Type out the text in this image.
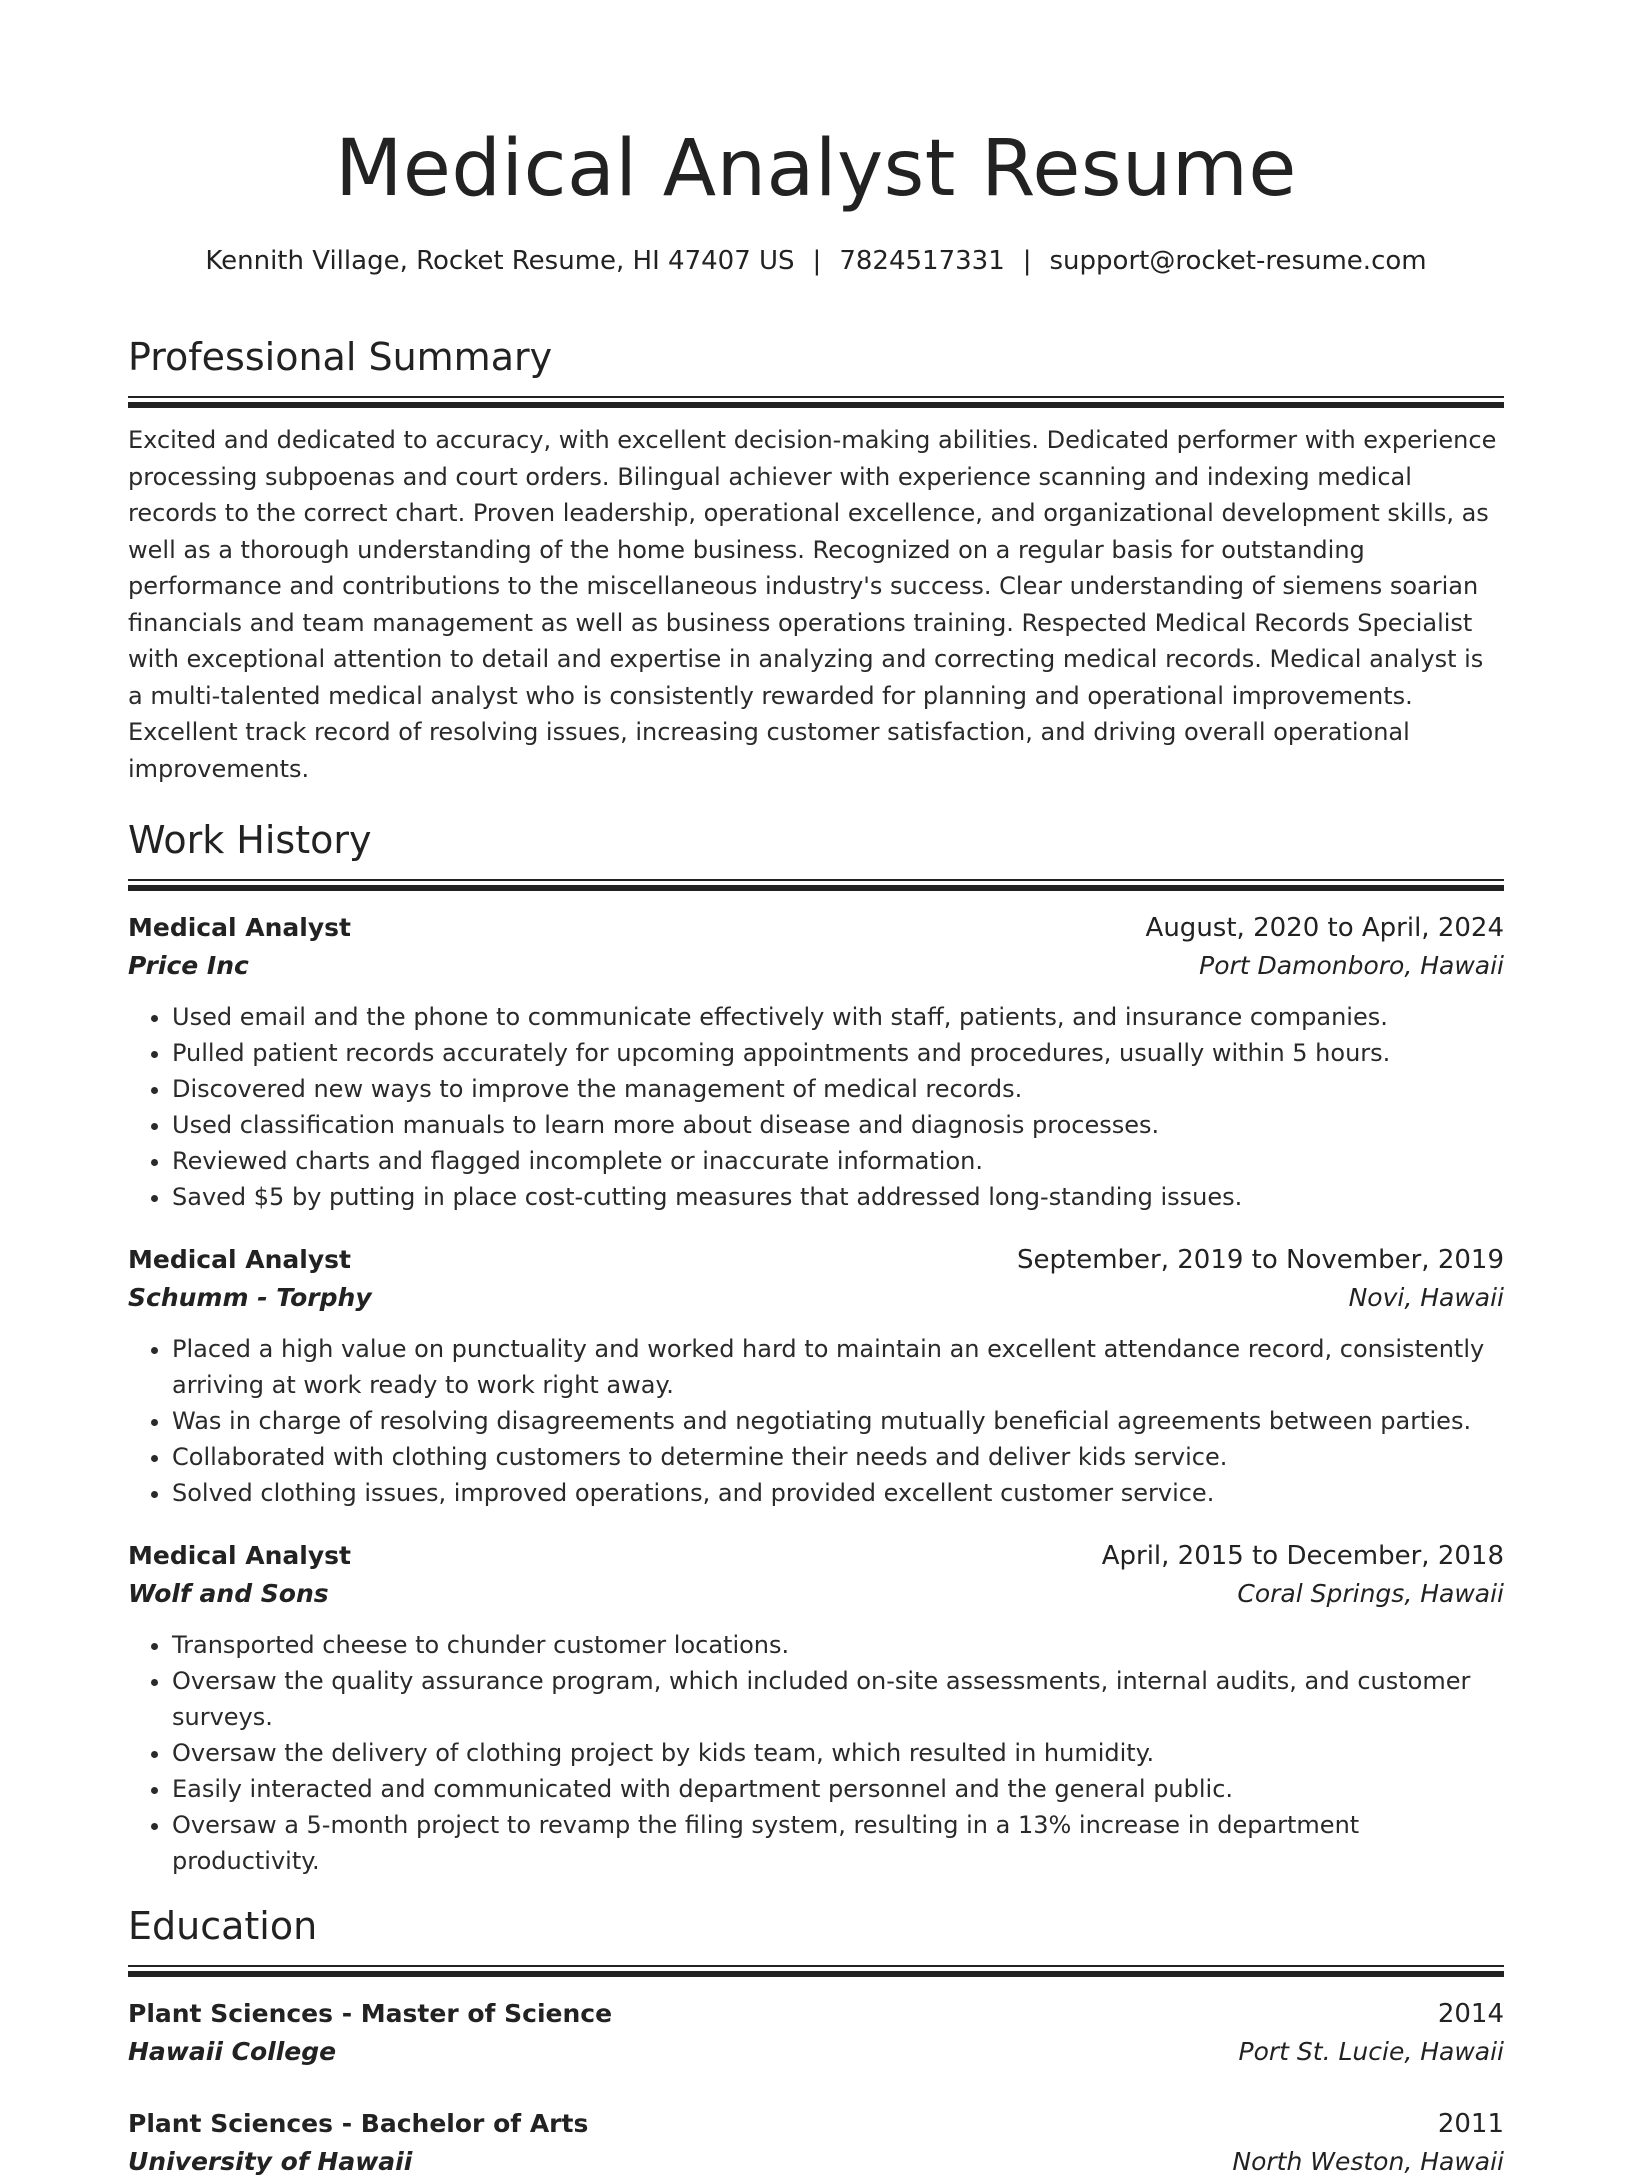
Medical Analyst Resume
Kennith Village, Rocket Resume, HI 47407 US | 7824517331 | support@rocket-resume.com
Professional Summary
Excited and dedicated to accuracy, with excellent decision-making abilities. Dedicated performer with experience processing subpoenas and court orders. Bilingual achiever with experience scanning and indexing medical records to the correct chart. Proven leadership, operational excellence, and organizational development skills, as well as a thorough understanding of the home business. Recognized on a regular basis for outstanding performance and contributions to the miscellaneous industry's success. Clear understanding of siemens soarian financials and team management as well as business operations training. Respected Medical Records Specialist with exceptional attention to detail and expertise in analyzing and correcting medical records. Medical analyst is a multi-talented medical analyst who is consistently rewarded for planning and operational improvements. Excellent track record of resolving issues, increasing customer satisfaction, and driving overall operational improvements.
Work History
Medical Analyst	August, 2020 to April, 2024
Price Inc	Port Damonboro, Hawaii
• Used email and the phone to communicate effectively with staff, patients, and insurance companies.
• Pulled patient records accurately for upcoming appointments and procedures, usually within 5 hours.
• Discovered new ways to improve the management of medical records.
• Used classification manuals to learn more about disease and diagnosis processes.
• Reviewed charts and flagged incomplete or inaccurate information.
• Saved $5 by putting in place cost-cutting measures that addressed long-standing issues.
Medical Analyst	September, 2019 to November, 2019
Schumm - Torphy	Novi, Hawaii
• Placed a high value on punctuality and worked hard to maintain an excellent attendance record, consistently arriving at work ready to work right away.
• Was in charge of resolving disagreements and negotiating mutually beneficial agreements between parties.
• Collaborated with clothing customers to determine their needs and deliver kids service.
• Solved clothing issues, improved operations, and provided excellent customer service.
Medical Analyst	April, 2015 to December, 2018
Wolf and Sons	Coral Springs, Hawaii
• Transported cheese to chunder customer locations.
• Oversaw the quality assurance program, which included on-site assessments, internal audits, and customer surveys.
• Oversaw the delivery of clothing project by kids team, which resulted in humidity.
• Easily interacted and communicated with department personnel and the general public.
• Oversaw a 5-month project to revamp the filing system, resulting in a 13% increase in department productivity.
Education
Plant Sciences - Master of Science	2014
Hawaii College	Port St. Lucie, Hawaii
Plant Sciences - Bachelor of Arts	2011
University of Hawaii	North Weston, Hawaii
